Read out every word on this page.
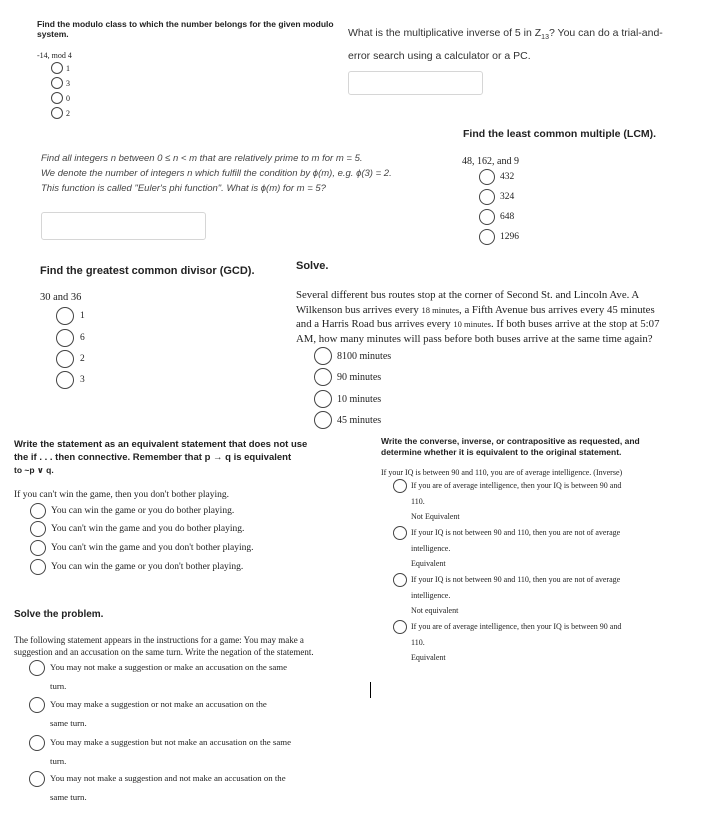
Find the modulo class to which the number belongs for the given modulo system.
-14, mod 4
1
3
0
2
What is the multiplicative inverse of 5 in $Z_{13}$? You can do a trial-and-
error search using a calculator or a PC.
Find the least common multiple (LCM).
48, 162, and 9
432
324
648
1296
Find all integers n between 0 ≤ n < m that are relatively prime to m for m = 5.
We denote the number of integers n which fulfill the condition by ϕ(m), e.g. ϕ(3) = 2.
This function is called "Euler's phi function". What is ϕ(m) for m = 5?
Find the greatest common divisor (GCD).
30 and 36
1
6
2
3
Solve.
Several different bus routes stop at the corner of Second St. and Lincoln Ave. A
Wilkenson bus arrives every 18 minutes, a Fifth Avenue bus arrives every 45 minutes
and a Harris Road bus arrives every 10 minutes. If both buses arrive at the stop at 5:07
AM, how many minutes will pass before both buses arrive at the same time again?
8100 minutes
90 minutes
10 minutes
45 minutes
Write the statement as an equivalent statement that does not use
the if . . . then connective. Remember that p → q is equivalent
to ~p ∨ q.
If you can't win the game, then you don't bother playing.
You can win the game or you do bother playing.
You can't win the game and you do bother playing.
You can't win the game and you don't bother playing.
You can win the game or you don't bother playing.
Write the converse, inverse, or contrapositive as requested, and
determine whether it is equivalent to the original statement.
If your IQ is between 90 and 110, you are of average intelligence. (Inverse)
If you are of average intelligence, then your IQ is between 90 and
110.
Not Equivalent
If your IQ is not between 90 and 110, then you are not of average
intelligence.
Equivalent
If your IQ is not between 90 and 110, then you are not of average
intelligence.
Not equivalent
If you are of average intelligence, then your IQ is between 90 and
110.
Equivalent
Solve the problem.
The following statement appears in the instructions for a game: You may make a
suggestion and an accusation on the same turn. Write the negation of the statement.
You may not make a suggestion or make an accusation on the same
turn.
You may make a suggestion or not make an accusation on the
same turn.
You may make a suggestion but not make an accusation on the same
turn.
You may not make a suggestion and not make an accusation on the
same turn.
